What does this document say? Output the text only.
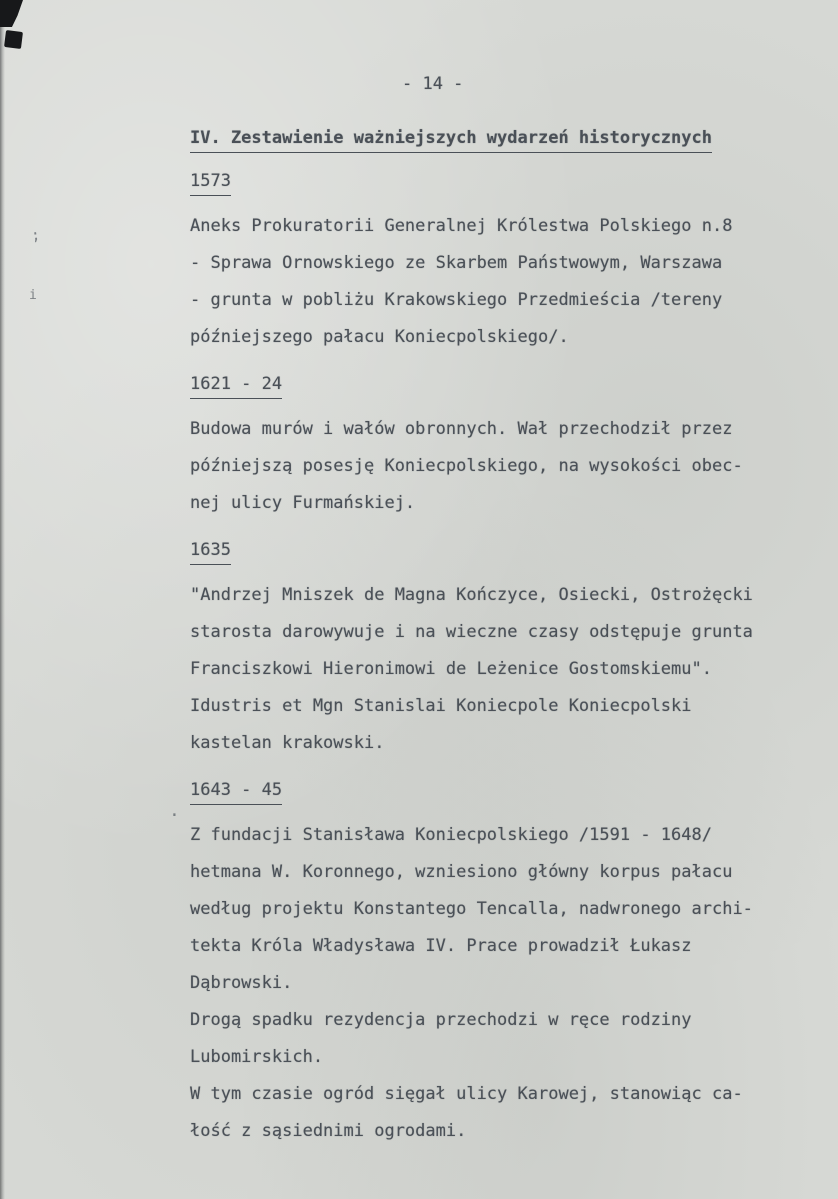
;
i
.
- 14 -
IV. Zestawienie ważniejszych wydarzeń historycznych
1573
Aneks Prokuratorii Generalnej Królestwa Polskiego n.8
- Sprawa Ornowskiego ze Skarbem Państwowym, Warszawa
- grunta w pobliżu Krakowskiego Przedmieścia /tereny
późniejszego pałacu Koniecpolskiego/.
1621 - 24
Budowa murów i wałów obronnych. Wał przechodził przez
późniejszą posesję Koniecpolskiego, na wysokości obec-
nej ulicy Furmańskiej.
1635
"Andrzej Mniszek de Magna Kończyce, Osiecki, Ostrożęcki
starosta darowywuje i na wieczne czasy odstępuje grunta
Franciszkowi Hieronimowi de Leżenice Gostomskiemu".
Idustris et Mgn Stanislai Koniecpole Koniecpolski
kastelan krakowski.
1643 - 45
Z fundacji Stanisława Koniecpolskiego /1591 - 1648/
hetmana W. Koronnego, wzniesiono główny korpus pałacu
według projektu Konstantego Tencalla, nadwronego archi-
tekta Króla Władysława IV. Prace prowadził Łukasz
Dąbrowski.
Drogą spadku rezydencja przechodzi w ręce rodziny
Lubomirskich.
W tym czasie ogród sięgał ulicy Karowej, stanowiąc ca-
łość z sąsiednimi ogrodami.
